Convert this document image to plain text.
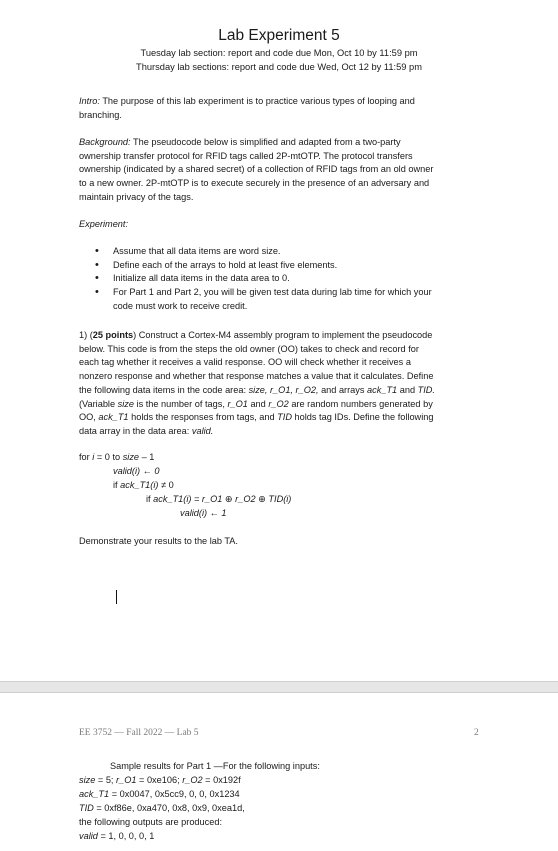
Lab Experiment 5
Tuesday lab section: report and code due Mon, Oct 10 by 11:59 pm
Thursday lab sections: report and code due Wed, Oct 12 by 11:59 pm
Intro: The purpose of this lab experiment is to practice various types of looping and
branching.
Background: The pseudocode below is simplified and adapted from a two-party
ownership transfer protocol for RFID tags called 2P-mtOTP. The protocol transfers
ownership (indicated by a shared secret) of a collection of RFID tags from an old owner
to a new owner. 2P-mtOTP is to execute securely in the presence of an adversary and
maintain privacy of the tags.
Experiment:
• Assume that all data items are word size.
• Define each of the arrays to hold at least five elements.
• Initialize all data items in the data area to 0.
• For Part 1 and Part 2, you will be given test data during lab time for which your
code must work to receive credit.
1) (25 points) Construct a Cortex-M4 assembly program to implement the pseudocode
below. This code is from the steps the old owner (OO) takes to check and record for
each tag whether it receives a valid response. OO will check whether it receives a
nonzero response and whether that response matches a value that it calculates. Define
the following data items in the code area: size, r_O1, r_O2, and arrays ack_T1 and TID.
(Variable size is the number of tags, r_O1 and r_O2 are random numbers generated by
OO, ack_T1 holds the responses from tags, and TID holds tag IDs. Define the following
data array in the data area: valid.
for i = 0 to size – 1
valid(i) ← 0
if ack_T1(i) ≠ 0
if ack_T1(i) = r_O1 ⊕ r_O2 ⊕ TID(i)
valid(i) ← 1
Demonstrate your results to the lab TA.
EE 3752 — Fall 2022 — Lab 5	2
Sample results for Part 1 —For the following inputs:
size = 5; r_O1 = 0xe106; r_O2 = 0x192f
ack_T1 = 0x0047, 0x5cc9, 0, 0, 0x1234
TID = 0xf86e, 0xa470, 0x8, 0x9, 0xea1d,
the following outputs are produced:
valid = 1, 0, 0, 0, 1
